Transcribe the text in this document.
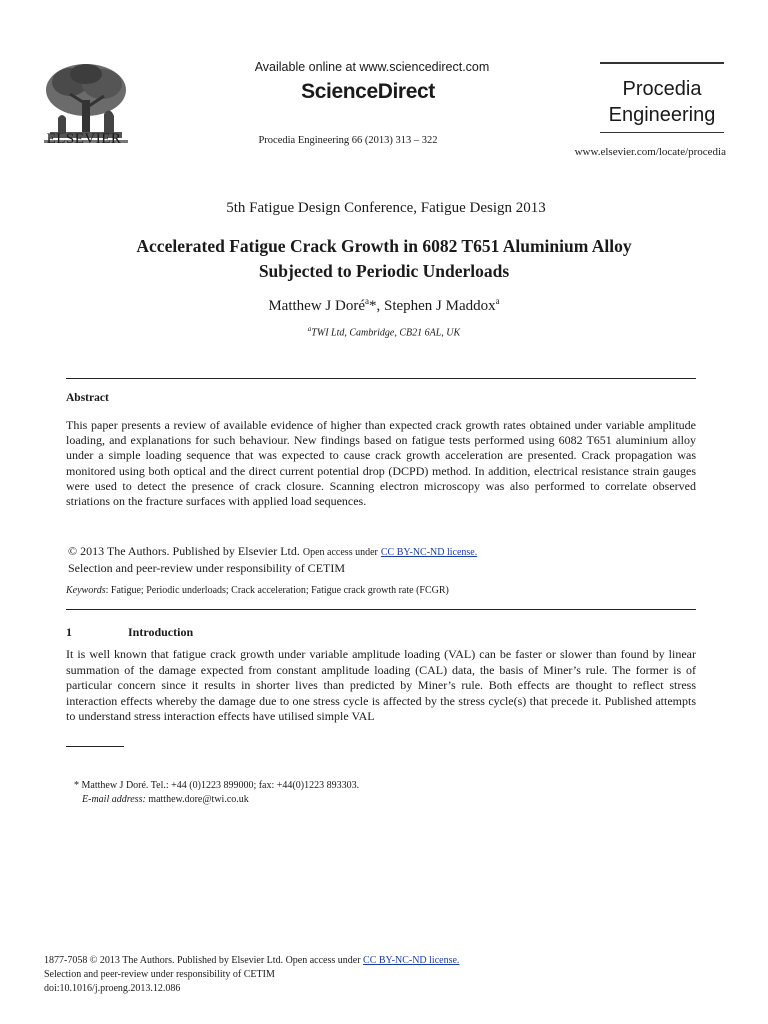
ELSEVIER
Available online at www.sciencedirect.com
ScienceDirect
Procedia Engineering 66 (2013) 313 – 322
Procedia
Engineering
www.elsevier.com/locate/procedia
5th Fatigue Design Conference, Fatigue Design 2013
Accelerated Fatigue Crack Growth in 6082 T651 Aluminium Alloy
Subjected to Periodic Underloads
Matthew J Doré$^a$*, Stephen J Maddox$^a$
$^a$TWI Ltd, Cambridge, CB21 6AL, UK
Abstract
This paper presents a review of available evidence of higher than expected crack growth rates obtained under variable amplitude loading, and explanations for such behaviour. New findings based on fatigue tests performed using 6082 T651 aluminium alloy under a simple loading sequence that was expected to cause crack growth acceleration are presented. Crack propagation was monitored using both optical and the direct current potential drop (DCPD) method. In addition, electrical resistance strain gauges were used to detect the presence of crack closure. Scanning electron microscopy was also performed to correlate observed striations on the fracture surfaces with applied load sequences.
© 2013 The Authors. Published by Elsevier Ltd. Open access under CC BY-NC-ND license.
Selection and peer-review under responsibility of CETIM
Keywords: Fatigue; Periodic underloads; Crack acceleration; Fatigue crack growth rate (FCGR)
1	Introduction
It is well known that fatigue crack growth under variable amplitude loading (VAL) can be faster or slower than found by linear summation of the damage expected from constant amplitude loading (CAL) data, the basis of Miner’s rule. The former is of particular concern since it results in shorter lives than predicted by Miner’s rule. Both effects are thought to reflect stress interaction effects whereby the damage due to one stress cycle is affected by the stress cycle(s) that precede it. Published attempts to understand stress interaction effects have utilised simple VAL
* Matthew J Doré. Tel.: +44 (0)1223 899000; fax: +44(0)1223 893303.
E-mail address: matthew.dore@twi.co.uk
1877-7058 © 2013 The Authors. Published by Elsevier Ltd. Open access under CC BY-NC-ND license.
Selection and peer-review under responsibility of CETIM
doi:10.1016/j.proeng.2013.12.086
